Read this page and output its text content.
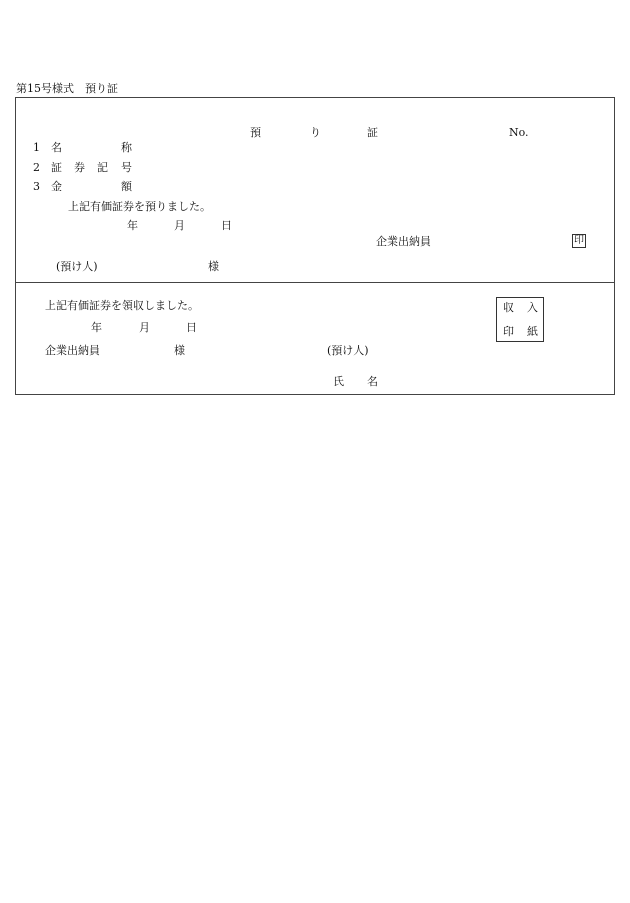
第15号様式　預り証
預	り	証	No.
1 名	称
2 証 券 記 号
3 金	額
上記有価証券を預りました。
年	月	日
企業出納員	印
(預け人)	様
上記有価証券を領収しました。	収 入
印 紙
年	月	日
企業出納員	様	(預け人)
氏 名
